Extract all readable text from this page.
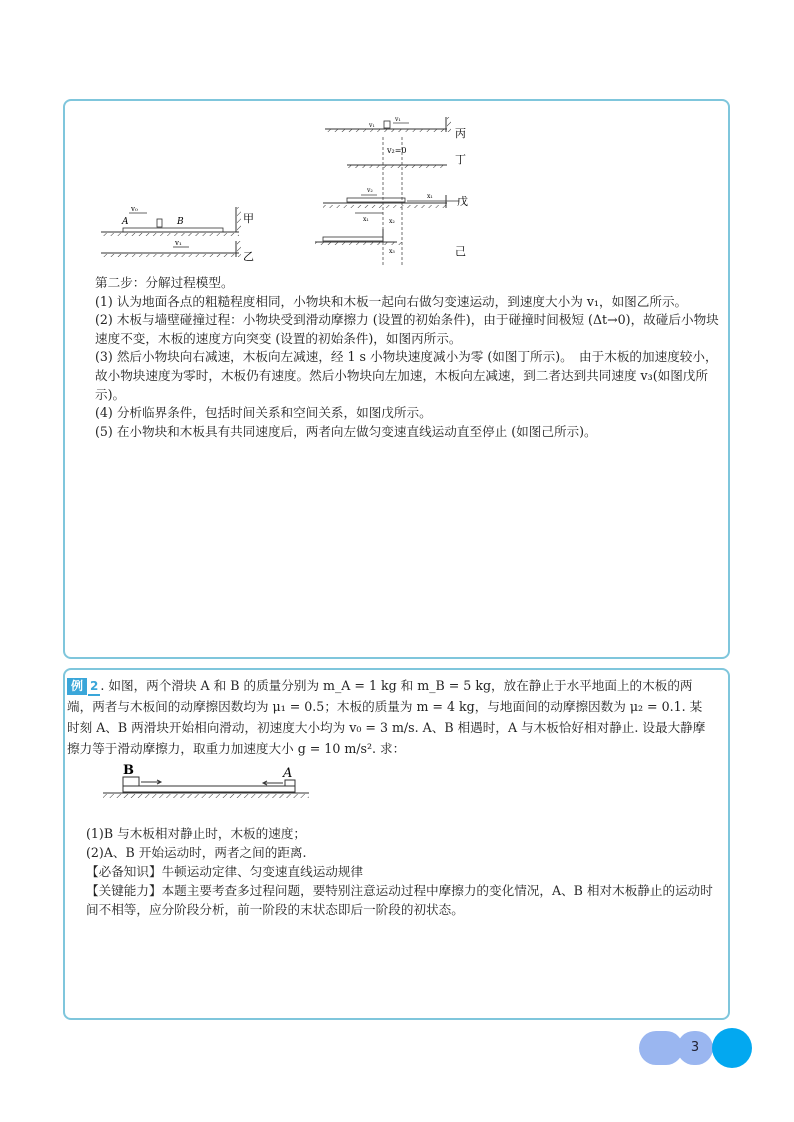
v₀
A	B	甲
v₁
乙
v₁
v₁
丙
v₂=0
丁
v₂
x₁ 戊
x₁	x₂
x₃	己

第二步：分解过程模型。

(1) 认为地面各点的粗糙程度相同，小物块和木板一起向右做匀变速运动，到速度大小为 v₁，如图乙所示。

(2) 木板与墙壁碰撞过程：小物块受到滑动摩擦力 (设置的初始条件)，由于碰撞时间极短 (Δt→0)，故碰后小物块速度不变，木板的速度方向突变 (设置的初始条件)，如图丙所示。

(3) 然后小物块向右减速，木板向左减速，经 1 s 小物块速度减小为零 (如图丁所示)。　由于木板的加速度较小，故小物块速度为零时，木板仍有速度。然后小物块向左加速，木板向左减速，到二者达到共同速度 v₃(如图戊所示)。

(4) 分析临界条件，包括时间关系和空间关系，如图戊所示。

(5) 在小物块和木板具有共同速度后，两者向左做匀变速直线运动直至停止 (如图己所示)。

例 2 . 如图，两个滑块 A 和 B 的质量分别为 m_A = 1 kg 和 m_B = 5 kg，放在静止于水平地面上的木板的两端，两者与木板间的动摩擦因数均为 μ₁ = 0.5；木板的质量为 m = 4 kg，与地面间的动摩擦因数为 μ₂ = 0.1. 某时刻 A、B 两滑块开始相向滑动，初速度大小均为 v₀ = 3 m/s. A、B 相遇时，A 与木板恰好相对静止. 设最大静摩擦力等于滑动摩擦力，取重力加速度大小 g = 10 m/s². 求：

B	A

(1)B 与木板相对静止时，木板的速度；

(2)A、B 开始运动时，两者之间的距离.

【必备知识】牛顿运动定律、匀变速直线运动规律

【关键能力】本题主要考查多过程问题，要特别注意运动过程中摩擦力的变化情况，A、B 相对木板静止的运动时间不相等，应分阶段分析，前一阶段的末状态即后一阶段的初状态。

3
